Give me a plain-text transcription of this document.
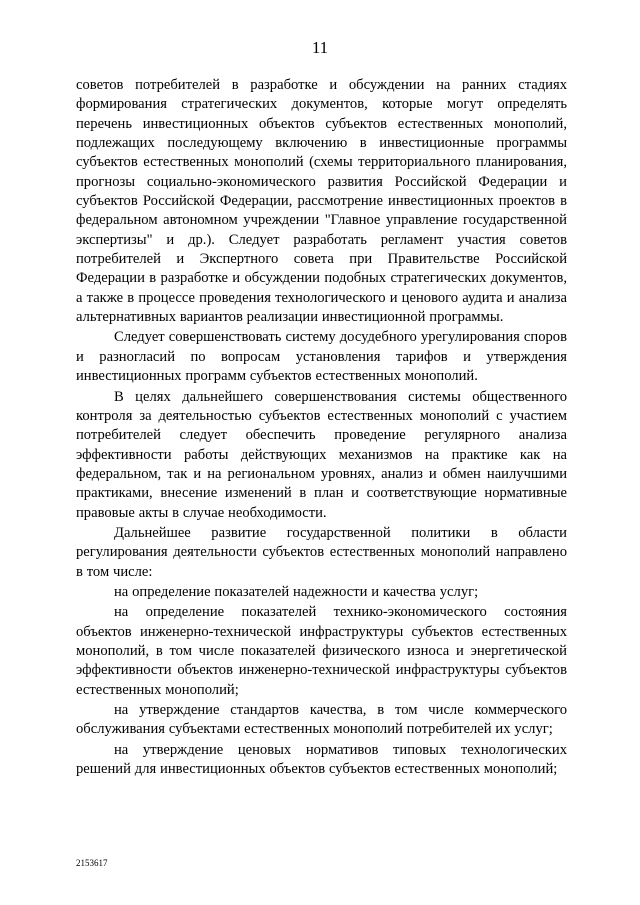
11

советов потребителей в разработке и обсуждении на ранних стадиях формирования стратегических документов, которые могут определять перечень инвестиционных объектов субъектов естественных монополий, подлежащих последующему включению в инвестиционные программы субъектов естественных монополий (схемы территориального планирования, прогнозы социально-экономического развития Российской Федерации и субъектов Российской Федерации, рассмотрение инвестиционных проектов в федеральном автономном учреждении "Главное управление государственной экспертизы" и др.). Следует разработать регламент участия советов потребителей и Экспертного совета при Правительстве Российской Федерации в разработке и обсуждении подобных стратегических документов, а также в процессе проведения технологического и ценового аудита и анализа альтернативных вариантов реализации инвестиционной программы.

Следует совершенствовать систему досудебного урегулирования споров и разногласий по вопросам установления тарифов и утверждения инвестиционных программ субъектов естественных монополий.

В целях дальнейшего совершенствования системы общественного контроля за деятельностью субъектов естественных монополий с участием потребителей следует обеспечить проведение регулярного анализа эффективности работы действующих механизмов на практике как на федеральном, так и на региональном уровнях, анализ и обмен наилучшими практиками, внесение изменений в план и соответствующие нормативные правовые акты в случае необходимости.

Дальнейшее развитие государственной политики в области регулирования деятельности субъектов естественных монополий направлено в том числе:

на определение показателей надежности и качества услуг;

на определение показателей технико-экономического состояния объектов инженерно-технической инфраструктуры субъектов естественных монополий, в том числе показателей физического износа и энергетической эффективности объектов инженерно-технической инфраструктуры субъектов естественных монополий;

на утверждение стандартов качества, в том числе коммерческого обслуживания субъектами естественных монополий потребителей их услуг;

на утверждение ценовых нормативов типовых технологических решений для инвестиционных объектов субъектов естественных монополий;

2153617
